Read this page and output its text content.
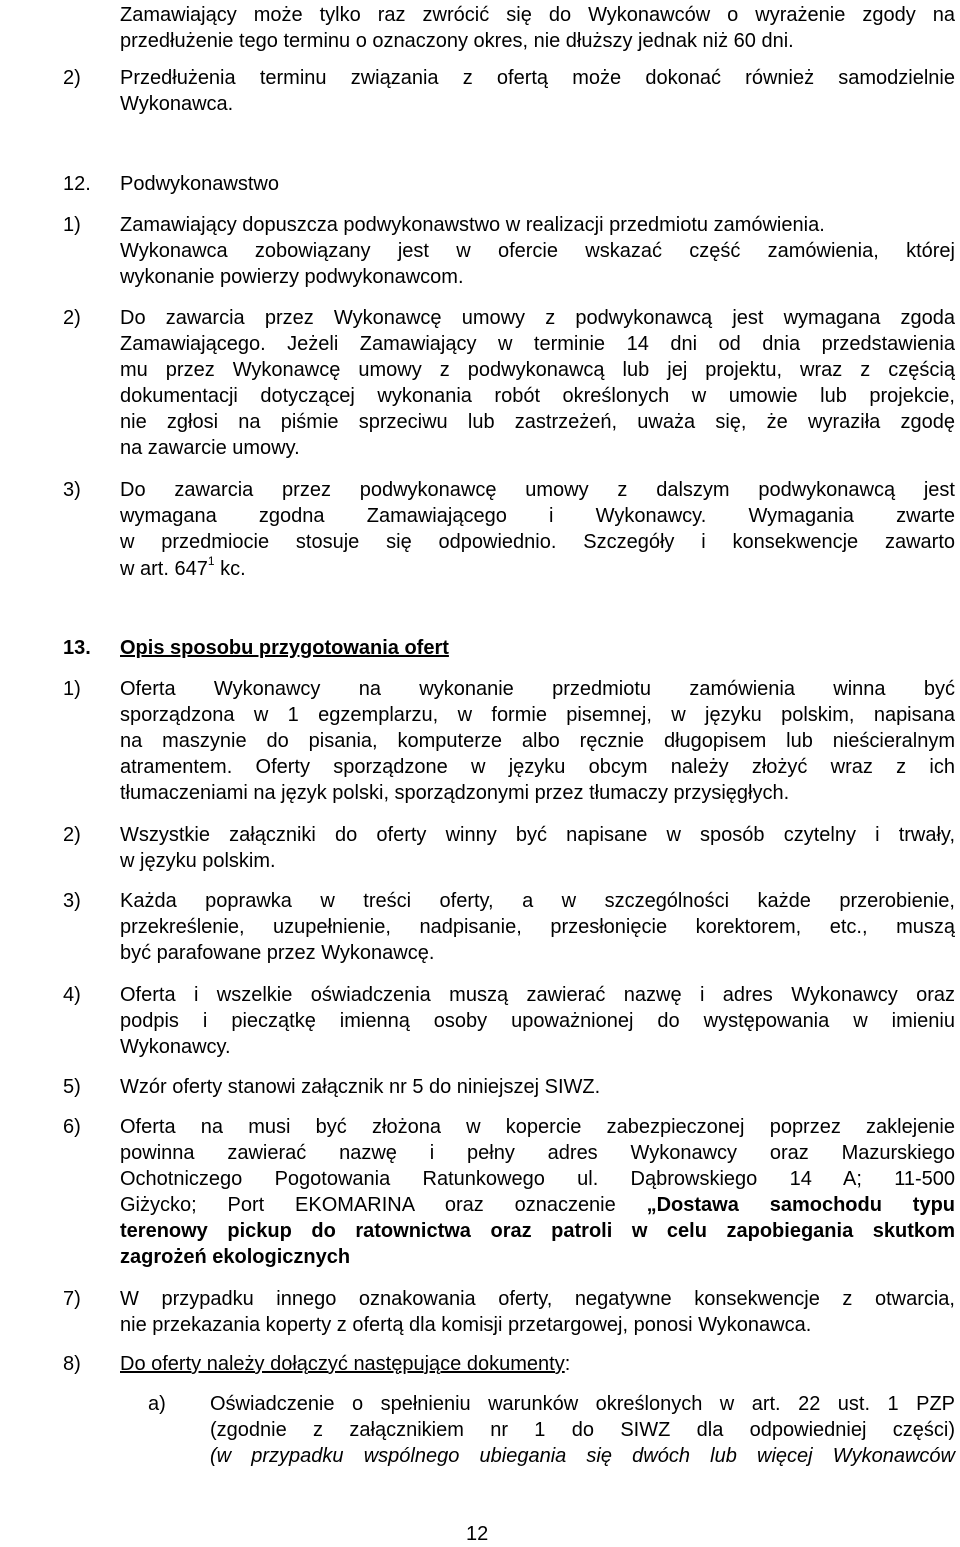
Zamawiający może tylko raz zwrócić się do Wykonawców o wyrażenie zgody na
przedłużenie tego terminu o oznaczony okres, nie dłuższy jednak niż 60 dni.
2) Przedłużenia terminu związania z ofertą może dokonać również samodzielnie
Wykonawca.
12. Podwykonawstwo
1) Zamawiający dopuszcza podwykonawstwo w realizacji przedmiotu zamówienia.
Wykonawca zobowiązany jest w ofercie wskazać część zamówienia, której
wykonanie powierzy podwykonawcom.
2) Do zawarcia przez Wykonawcę umowy z podwykonawcą jest wymagana zgoda
Zamawiającego. Jeżeli Zamawiający w terminie 14 dni od dnia przedstawienia
mu przez Wykonawcę umowy z podwykonawcą lub jej projektu, wraz z częścią
dokumentacji dotyczącej wykonania robót określonych w umowie lub projekcie,
nie zgłosi na piśmie sprzeciwu lub zastrzeżeń, uważa się, że wyraziła zgodę
na zawarcie umowy.
3) Do zawarcia przez podwykonawcę umowy z dalszym podwykonawcą jest
wymagana zgodna Zamawiającego i Wykonawcy. Wymagania zwarte
w przedmiocie stosuje się odpowiednio. Szczegóły i konsekwencje zawarto
w art. $647^1$ kc.
13. Opis sposobu przygotowania ofert
1) Oferta Wykonawcy na wykonanie przedmiotu zamówienia winna być
sporządzona w 1 egzemplarzu, w formie pisemnej, w języku polskim, napisana
na maszynie do pisania, komputerze albo ręcznie długopisem lub nieścieralnym
atramentem. Oferty sporządzone w języku obcym należy złożyć wraz z ich
tłumaczeniami na język polski, sporządzonymi przez tłumaczy przysięgłych.
2) Wszystkie załączniki do oferty winny być napisane w sposób czytelny i trwały,
w języku polskim.
3) Każda poprawka w treści oferty, a w szczególności każde przerobienie,
przekreślenie, uzupełnienie, nadpisanie, przesłonięcie korektorem, etc., muszą
być parafowane przez Wykonawcę.
4) Oferta i wszelkie oświadczenia muszą zawierać nazwę i adres Wykonawcy oraz
podpis i pieczątkę imienną osoby upoważnionej do występowania w imieniu
Wykonawcy.
5) Wzór oferty stanowi załącznik nr 5 do niniejszej SIWZ.
6) Oferta na musi być złożona w kopercie zabezpieczonej poprzez zaklejenie
powinna zawierać nazwę i pełny adres Wykonawcy oraz Mazurskiego
Ochotniczego Pogotowania Ratunkowego ul. Dąbrowskiego 14 A; 11-500
Giżycko; Port EKOMARINA oraz oznaczenie „Dostawa samochodu typu
terenowy pickup do ratownictwa oraz patroli w celu zapobiegania skutkom
zagrożeń ekologicznych
7) W przypadku innego oznakowania oferty, negatywne konsekwencje z otwarcia,
nie przekazania koperty z ofertą dla komisji przetargowej, ponosi Wykonawca.
8) Do oferty należy dołączyć następujące dokumenty:
a) Oświadczenie o spełnieniu warunków określonych w art. 22 ust. 1 PZP
(zgodnie z załącznikiem nr 1 do SIWZ dla odpowiedniej części)
(w przypadku wspólnego ubiegania się dwóch lub więcej Wykonawców
12
